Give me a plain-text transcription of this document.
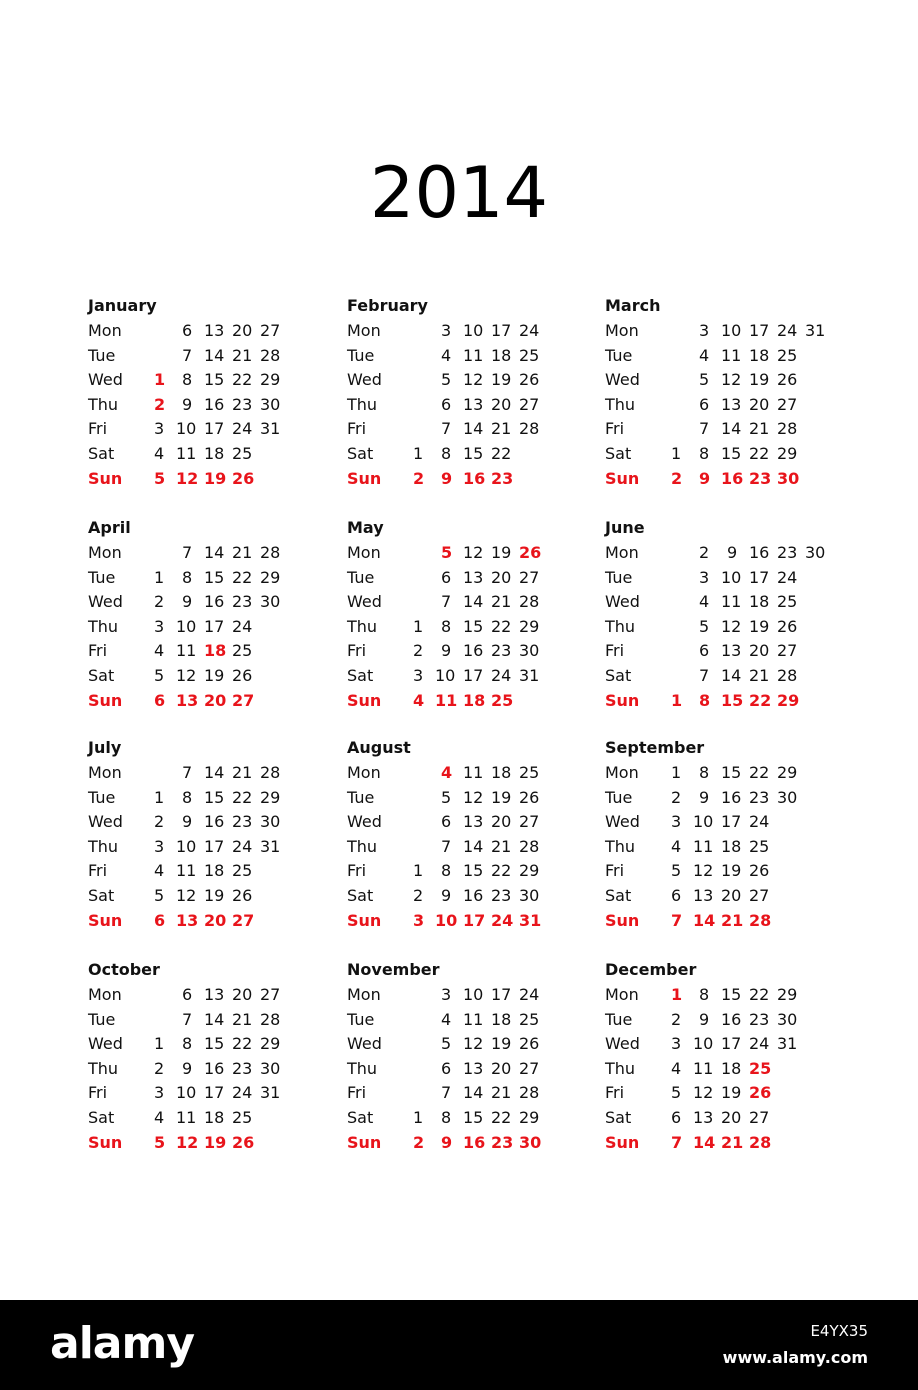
2014
January
Mon	6 13 20 27
Tue	7 14 21 28
Wed 1 8 15 22 29
Thu 2 9 16 23 30
Fri	3 10 17 24 31
Sat 4 11 18 25
Sun 5 12 19 26
February
Mon	3 10 17 24
Tue	4 11 18 25
Wed	5 12 19 26
Thu	6 13 20 27
Fri	7 14 21 28
Sat 1 8 15 22
Sun 2 9 16 23
March
Mon	3 10 17 24 31
Tue	4 11 18 25
Wed	5 12 19 26
Thu	6 13 20 27
Fri	7 14 21 28
Sat 1 8 15 22 29
Sun 2 9 16 23 30
April
Mon	7 14 21 28
Tue 1 8 15 22 29
Wed 2 9 16 23 30
Thu 3 10 17 24
Fri	4 11 18 25
Sat 5 12 19 26
Sun 6 13 20 27
May
Mon	5 12 19 26
Tue	6 13 20 27
Wed	7 14 21 28
Thu 1 8 15 22 29
Fri	2 9 16 23 30
Sat 3 10 17 24 31
Sun 4 11 18 25
June
Mon	2 9 16 23 30
Tue	3 10 17 24
Wed	4 11 18 25
Thu	5 12 19 26
Fri	6 13 20 27
Sat	7 14 21 28
Sun 1 8 15 22 29
July
Mon	7 14 21 28
Tue 1 8 15 22 29
Wed 2 9 16 23 30
Thu 3 10 17 24 31
Fri	4 11 18 25
Sat 5 12 19 26
Sun 6 13 20 27
August
Mon	4 11 18 25
Tue	5 12 19 26
Wed	6 13 20 27
Thu	7 14 21 28
Fri	1 8 15 22 29
Sat 2 9 16 23 30
Sun 3 10 17 24 31
September
Mon 1 8 15 22 29
Tue 2 9 16 23 30
Wed 3 10 17 24
Thu 4 11 18 25
Fri	5 12 19 26
Sat 6 13 20 27
Sun 7 14 21 28
October
Mon	6 13 20 27
Tue	7 14 21 28
Wed 1 8 15 22 29
Thu 2 9 16 23 30
Fri	3 10 17 24 31
Sat 4 11 18 25
Sun 5 12 19 26
November
Mon	3 10 17 24
Tue	4 11 18 25
Wed	5 12 19 26
Thu	6 13 20 27
Fri	7 14 21 28
Sat 1 8 15 22 29
Sun 2 9 16 23 30
December
Mon 1 8 15 22 29
Tue 2 9 16 23 30
Wed 3 10 17 24 31
Thu 4 11 18 25
Fri	5 12 19 26
Sat 6 13 20 27
Sun 7 14 21 28
alamy	E4YX35
www.alamy.com
